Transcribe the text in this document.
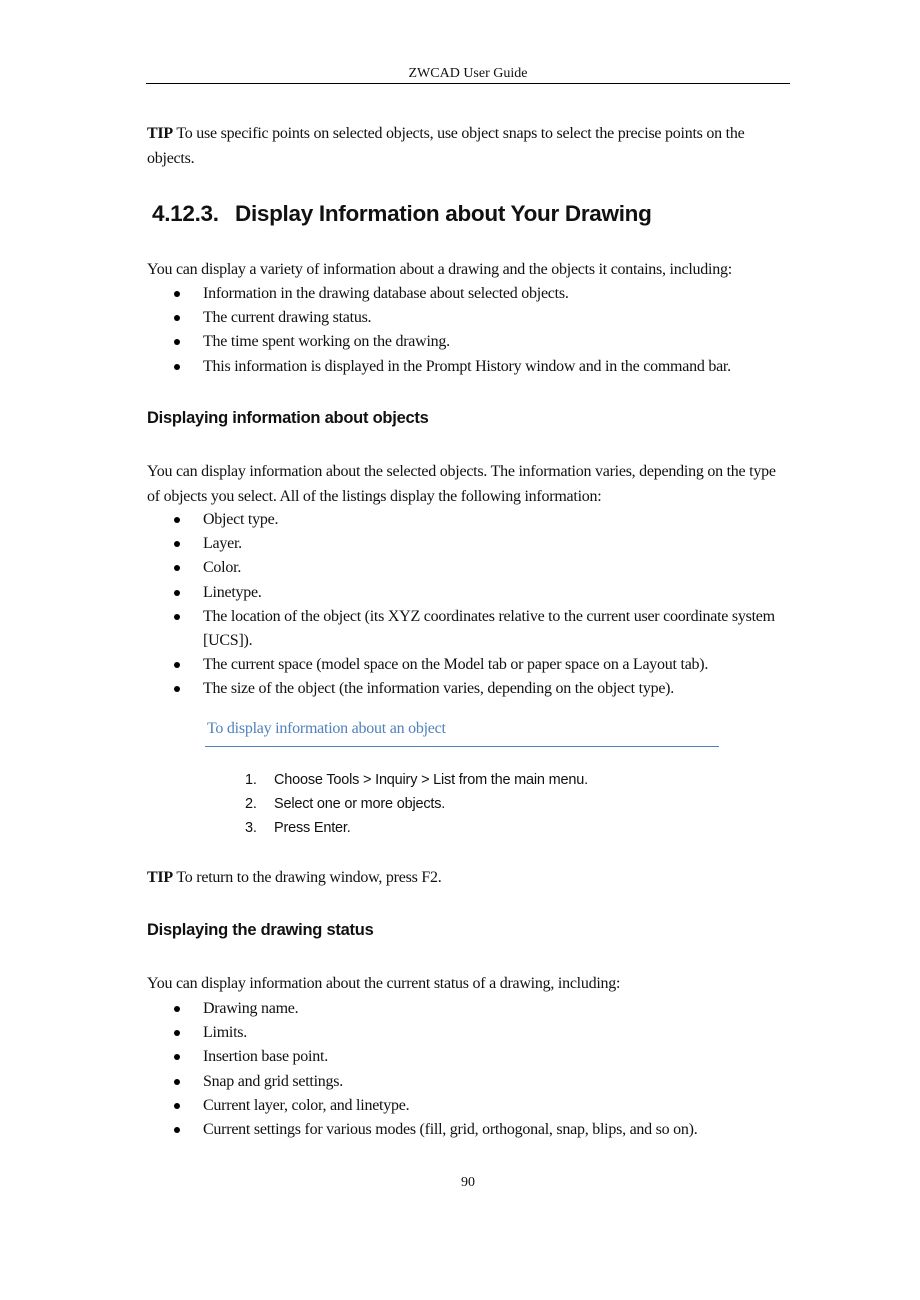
ZWCAD User Guide

TIP To use specific points on selected objects, use object snaps to select the precise points on the objects.

4.12.3. Display Information about Your Drawing

You can display a variety of information about a drawing and the objects it contains, including:

Information in the drawing database about selected objects.
The current drawing status.
The time spent working on the drawing.
This information is displayed in the Prompt History window and in the command bar.
Displaying information about objects

You can display information about the selected objects. The information varies, depending on the type of objects you select. All of the listings display the following information:

Object type.
Layer.
Color.
Linetype.
The location of the object (its XYZ coordinates relative to the current user coordinate system [UCS]).
The current space (model space on the Model tab or paper space on a Layout tab).
The size of the object (the information varies, depending on the object type).
To display information about an object
1. Choose Tools > Inquiry > List from the main menu.
2. Select one or more objects.
3. Press Enter.

TIP To return to the drawing window, press F2.

Displaying the drawing status

You can display information about the current status of a drawing, including:

Drawing name.
Limits.
Insertion base point.
Snap and grid settings.
Current layer, color, and linetype.
Current settings for various modes (fill, grid, orthogonal, snap, blips, and so on).
90
